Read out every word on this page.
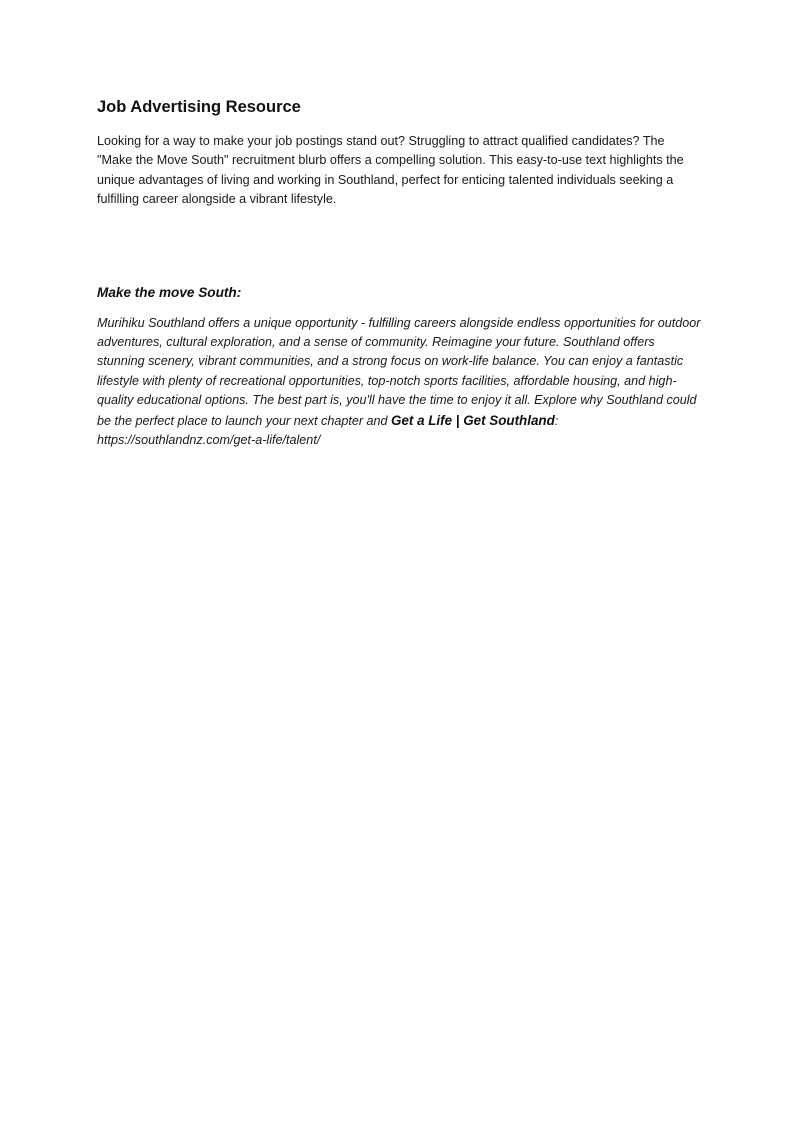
Job Advertising Resource

Looking for a way to make your job postings stand out? Struggling to attract qualified candidates? The "Make the Move South" recruitment blurb offers a compelling solution. This easy-to-use text highlights the unique advantages of living and working in Southland, perfect for enticing talented individuals seeking a fulfilling career alongside a vibrant lifestyle.

Make the move South:

Murihiku Southland offers a unique opportunity - fulfilling careers alongside endless opportunities for outdoor adventures, cultural exploration, and a sense of community. Reimagine your future. Southland offers stunning scenery, vibrant communities, and a strong focus on work-life balance. You can enjoy a fantastic lifestyle with plenty of recreational opportunities, top-notch sports facilities, affordable housing, and high-quality educational options. The best part is, you'll have the time to enjoy it all. Explore why Southland could be the perfect place to launch your next chapter and Get a Life | Get Southland: https://southlandnz.com/get-a-life/talent/
